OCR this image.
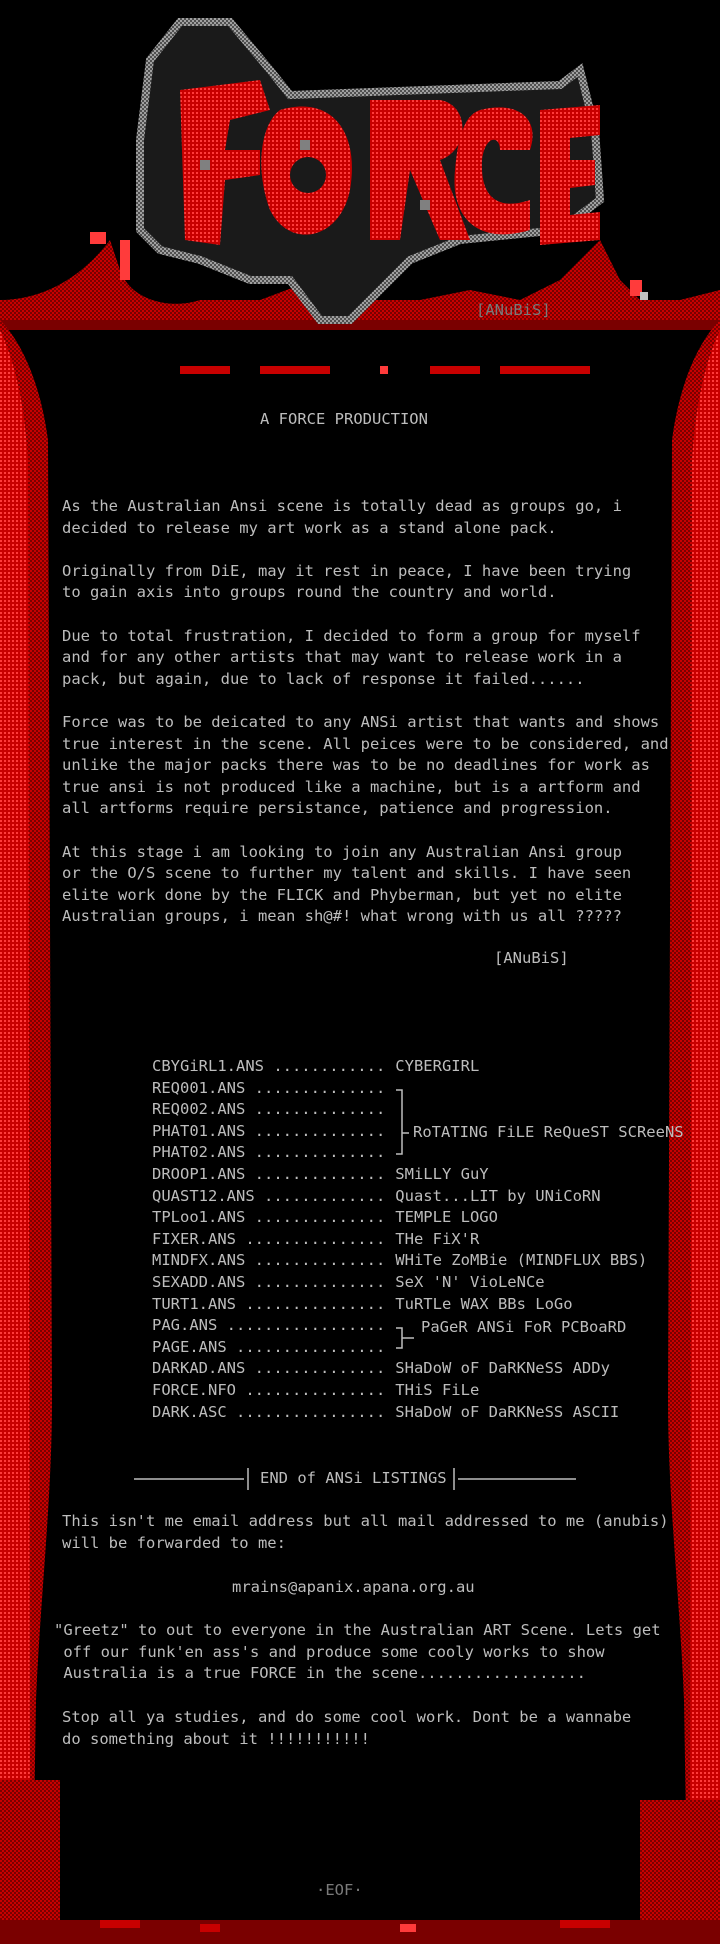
[ANuBiS]
A FORCE PRODUCTION
As the Australian Ansi scene is totally dead as groups go, i
decided to release my art work as a stand alone pack.

Originally from DiE, may it rest in peace, I have been trying
to gain axis into groups round the country and world.

Due to total frustration, I decided to form a group for myself
and for any other artists that may want to release work in a
pack, but again, due to lack of response it failed......

Force was to be deicated to any ANSi artist that wants and shows
true interest in the scene. All peices were to be considered, and
unlike the major packs there was to be no deadlines for work as
true ansi is not produced like a machine, but is a artform and
all artforms require persistance, patience and progression.

At this stage i am looking to join any Australian Ansi group
or the O/S scene to further my talent and skills. I have seen
elite work done by the FLICK and Phyberman, but yet no elite
Australian groups, i mean sh@#! what wrong with us all ?????
[ANuBiS]
CBYGiRL1.ANS ............ CYBERGIRL
REQ001.ANS ..............
REQ002.ANS ..............
PHAT01.ANS ..............
PHAT02.ANS ..............
DROOP1.ANS .............. SMiLLY GuY
QUAST12.ANS ............. Quast...LIT by UNiCoRN
TPLoo1.ANS .............. TEMPLE LOGO
FIXER.ANS ............... THe FiX'R
MINDFX.ANS .............. WHiTe ZoMBie (MINDFLUX BBS)
SEXADD.ANS .............. SeX 'N' VioLeNCe
TURT1.ANS ............... TuRTLe WAX BBs LoGo
PAG.ANS .................
PAGE.ANS ................
DARKAD.ANS .............. SHaDoW oF DaRKNeSS ADDy
FORCE.NFO ............... THiS FiLe
DARK.ASC ................ SHaDoW oF DaRKNeSS ASCII
RoTATING FiLE ReQueST SCReeNS
PaGeR ANSi FoR PCBoaRD
END of ANSi LISTINGS
This isn't me email address but all mail addressed to me (anubis)
will be forwarded to me:
mrains@apanix.apana.org.au
"Greetz" to out to everyone in the Australian ART Scene. Lets get
off our funk'en ass's and produce some cooly works to show
Australia is a true FORCE in the scene..................
Stop all ya studies, and do some cool work. Dont be a wannabe
do something about it !!!!!!!!!!!
·EOF·
